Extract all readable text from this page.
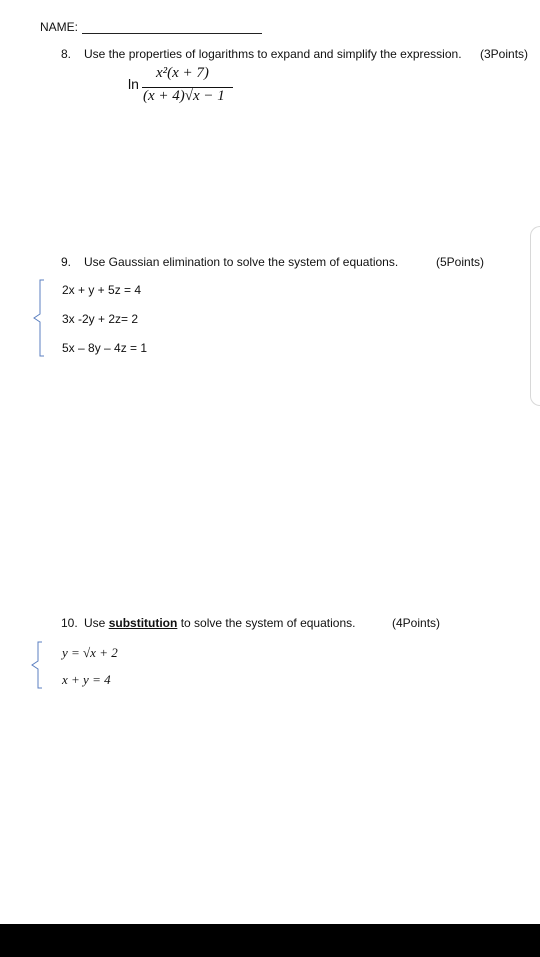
NAME:
8. Use the properties of logarithms to expand and simplify the expression. (3Points)
ln
x²(x + 7)
(x + 4)√x − 1
9. Use Gaussian elimination to solve the system of equations.	(5Points)
2x + y + 5z = 4
3x -2y + 2z= 2
5x – 8y – 4z = 1
10. Use substitution to solve the system of equations.	(4Points)
y = √x + 2
x + y = 4
